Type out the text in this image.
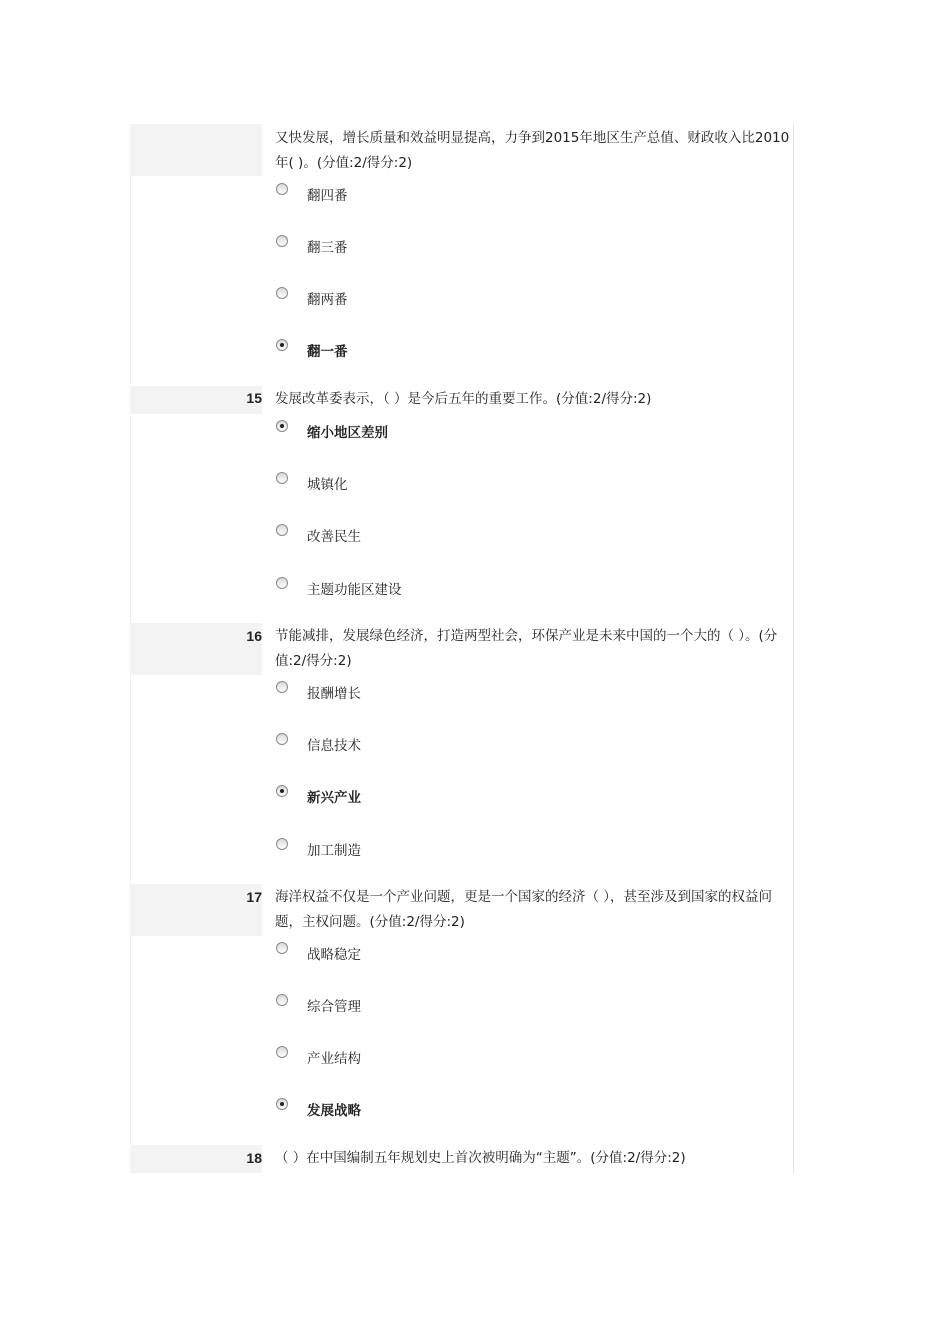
又快发展，增长质量和效益明显提高，力争到2015年地区生产总值、财政收入比2010年( )。(分值:2/得分:2)
翻四番
翻三番
翻两番
翻一番
15 发展改革委表示，（ ）是今后五年的重要工作。(分值:2/得分:2)
缩小地区差别
城镇化
改善民生
主题功能区建设
16 节能减排，发展绿色经济，打造两型社会，环保产业是未来中国的一个大的（ ）。(分值:2/得分:2)
报酬增长
信息技术
新兴产业
加工制造
17 海洋权益不仅是一个产业问题，更是一个国家的经济（ ），甚至涉及到国家的权益问题，主权问题。(分值:2/得分:2)
战略稳定
综合管理
产业结构
发展战略
18 （ ）在中国编制五年规划史上首次被明确为“主题”。(分值:2/得分:2)
